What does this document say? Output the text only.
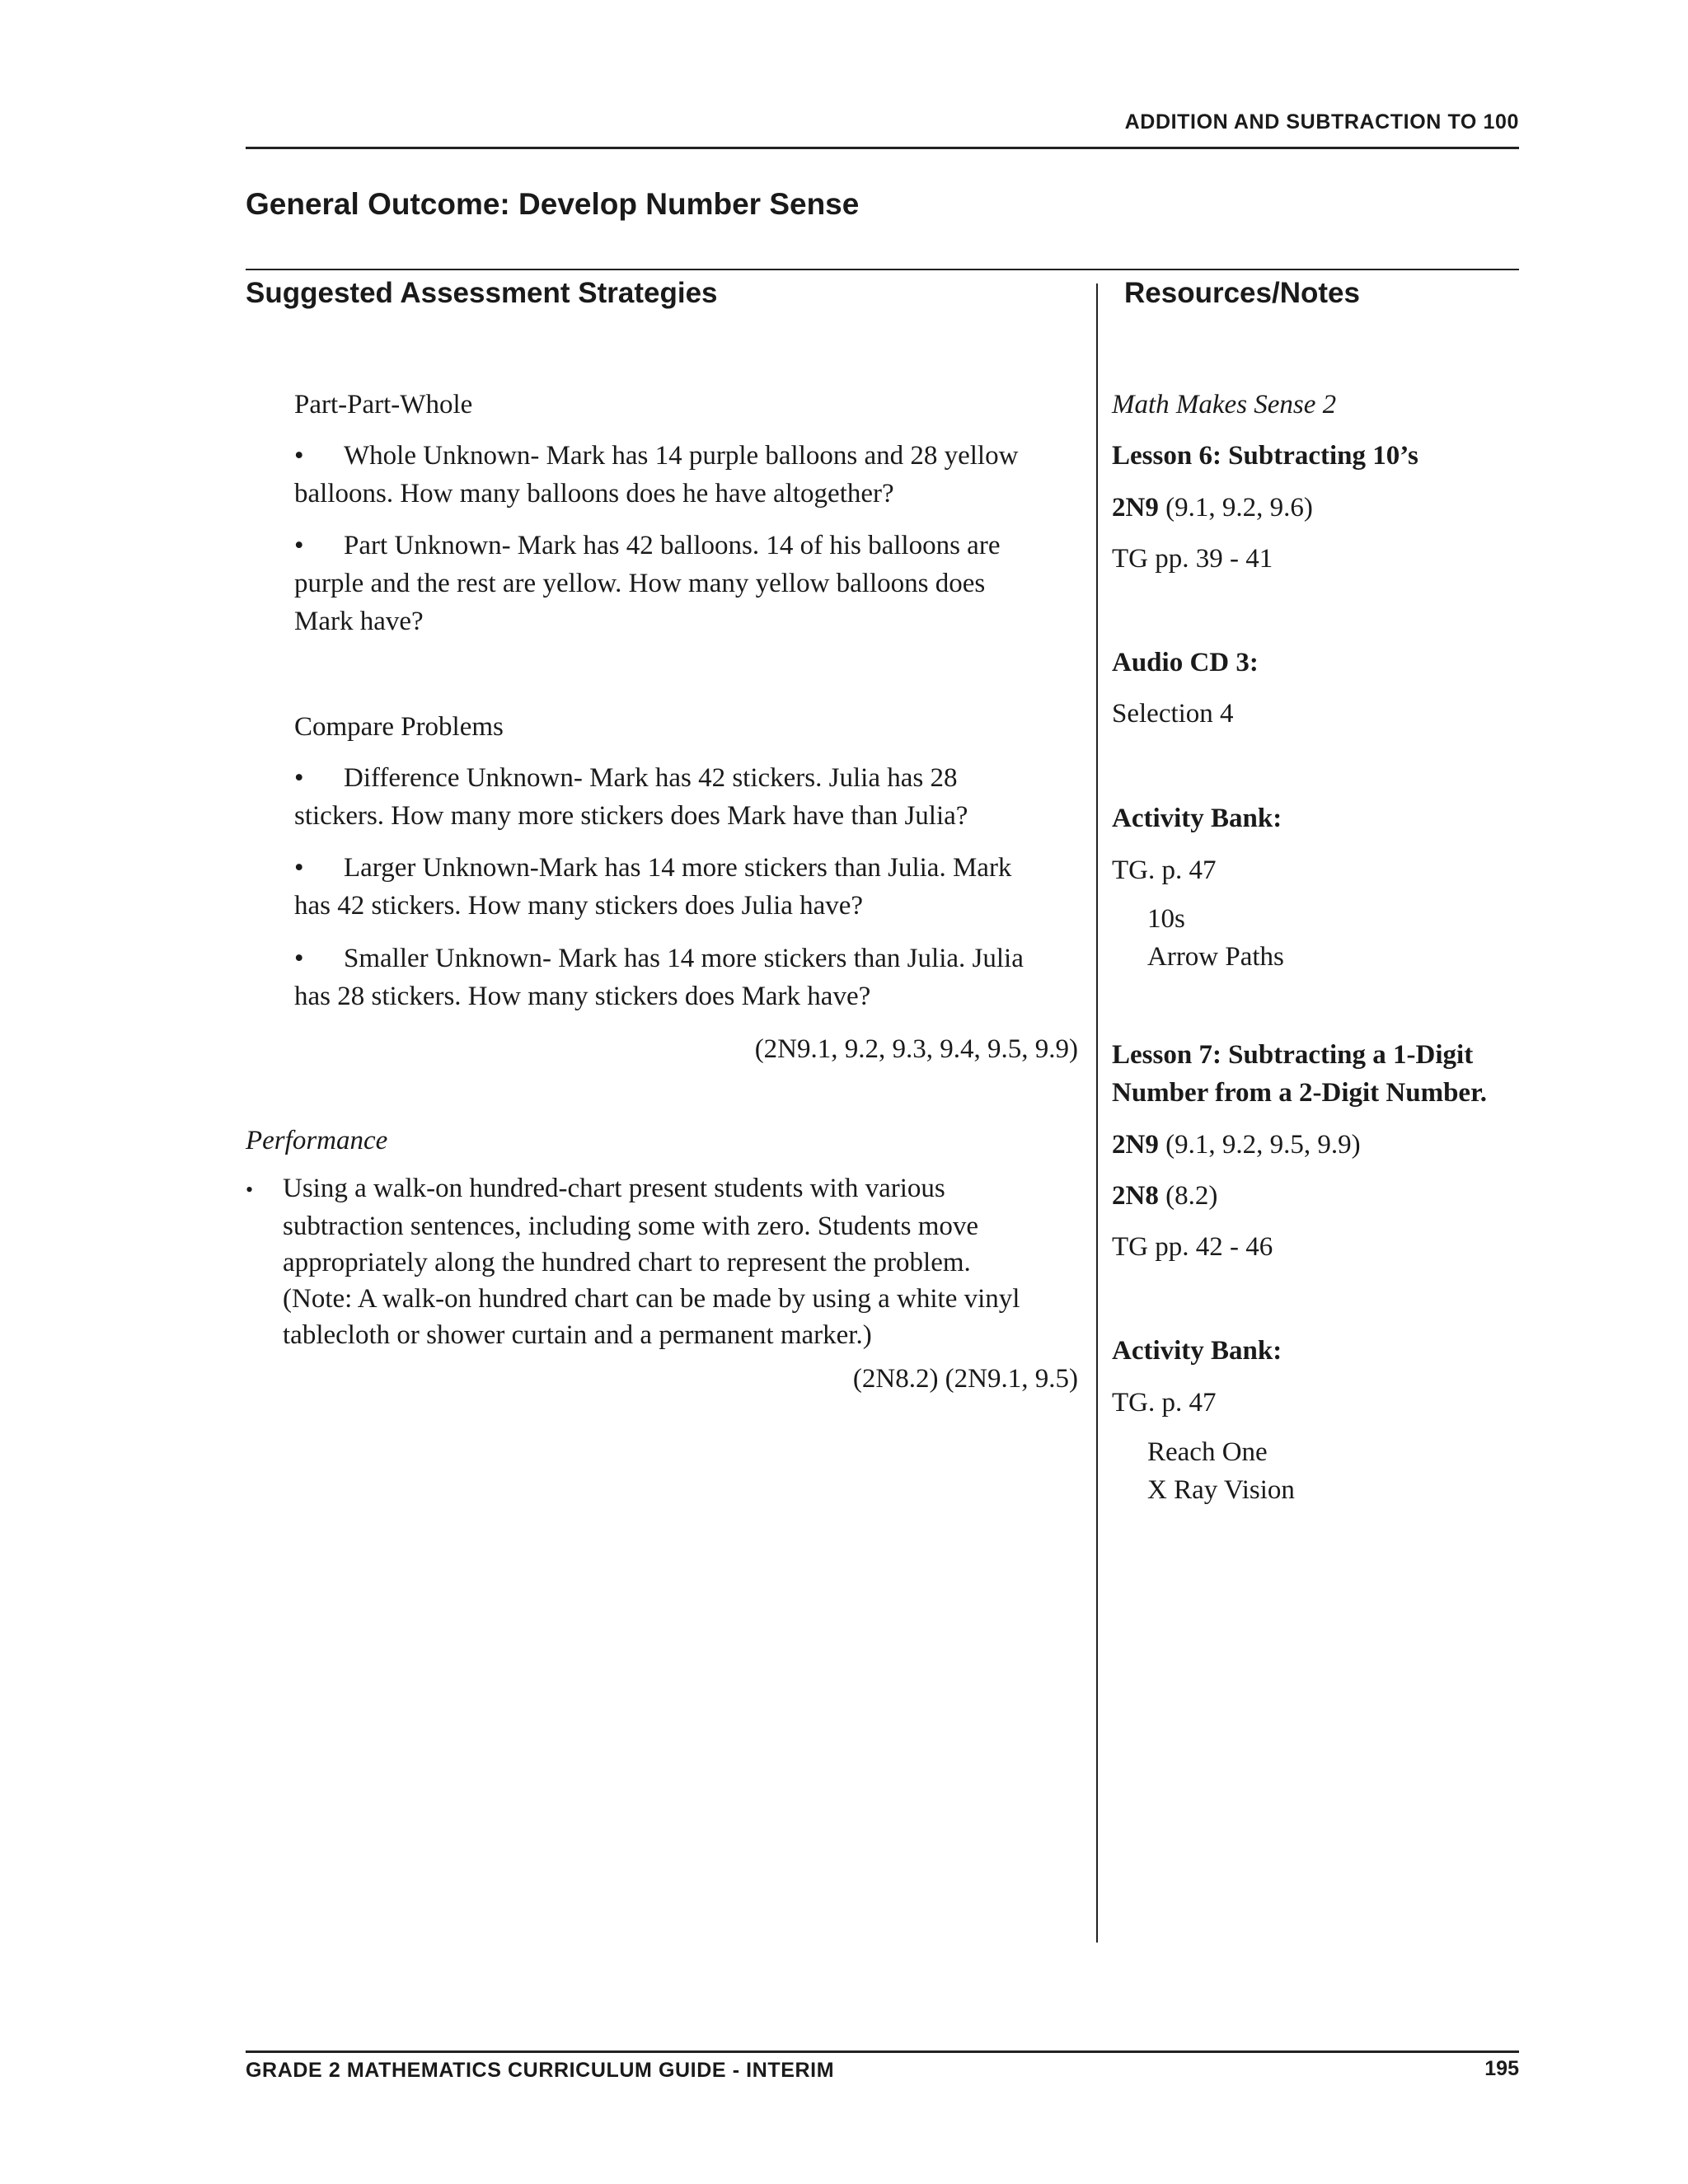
ADDITION AND SUBTRACTION TO 100
General Outcome: Develop Number Sense
Suggested Assessment Strategies	Resources/Notes
Part-Part-Whole
• Whole Unknown- Mark has 14 purple balloons and 28 yellow
balloons. How many balloons does he have altogether?
• Part Unknown- Mark has 42 balloons. 14 of his balloons are
purple and the rest are yellow. How many yellow balloons does
Mark have?
Compare Problems
• Difference Unknown- Mark has 42 stickers. Julia has 28
stickers. How many more stickers does Mark have than Julia?
• Larger Unknown-Mark has 14 more stickers than Julia. Mark
has 42 stickers. How many stickers does Julia have?
• Smaller Unknown- Mark has 14 more stickers than Julia. Julia
has 28 stickers. How many stickers does Mark have?
(2N9.1, 9.2, 9.3, 9.4, 9.5, 9.9)
Performance
• Using a walk-on hundred-chart present students with various
subtraction sentences, including some with zero. Students move
appropriately along the hundred chart to represent the problem.
(Note: A walk-on hundred chart can be made by using a white vinyl
tablecloth or shower curtain and a permanent marker.)
(2N8.2) (2N9.1, 9.5)
Math Makes Sense 2
Lesson 6: Subtracting 10’s
2N9 (9.1, 9.2, 9.6)
TG pp. 39 - 41
Audio CD 3:
Selection 4
Activity Bank:
TG. p. 47
10s
Arrow Paths
Lesson 7: Subtracting a 1-Digit
Number from a 2-Digit Number.
2N9 (9.1, 9.2, 9.5, 9.9)
2N8 (8.2)
TG pp. 42 - 46
Activity Bank:
TG. p. 47
Reach One
X Ray Vision
GRADE 2 MATHEMATICS CURRICULUM GUIDE - INTERIM	195
